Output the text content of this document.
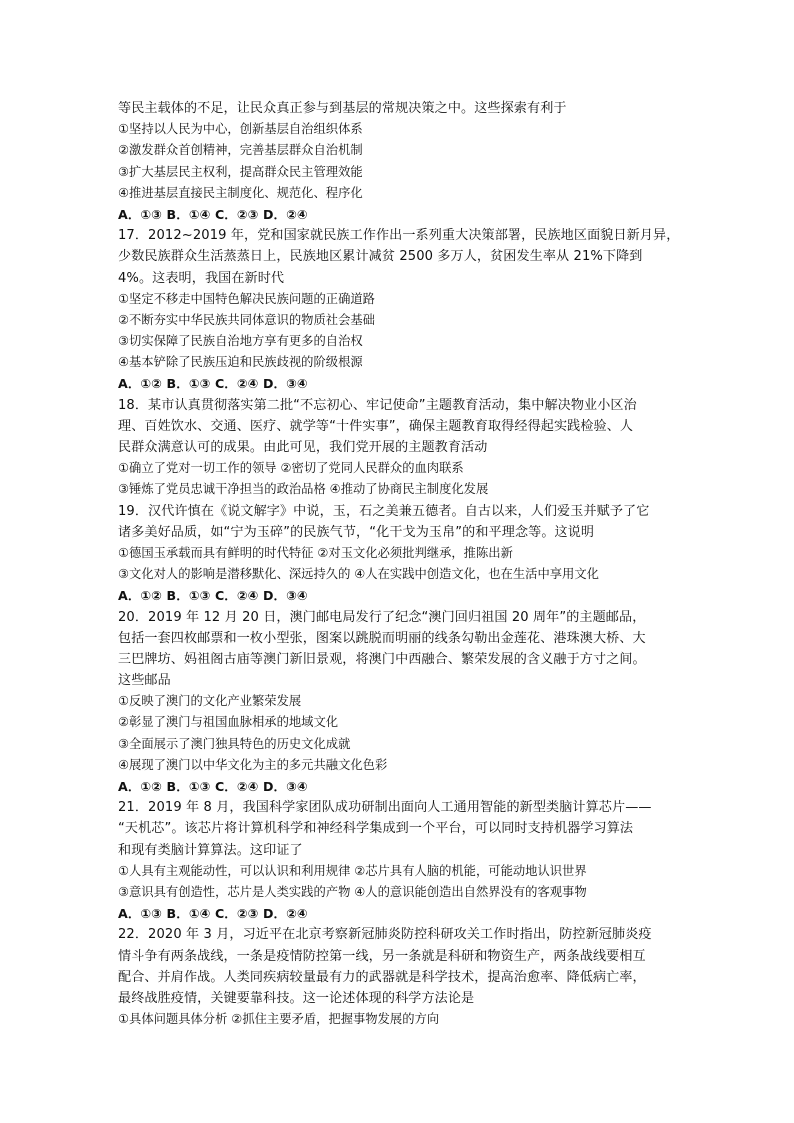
等民主载体的不足，让民众真正参与到基层的常规决策之中。这些探索有利于
①坚持以人民为中心，创新基层自治组织体系
②激发群众首创精神，完善基层群众自治机制
③扩大基层民主权利，提高群众民主管理效能
④推进基层直接民主制度化、规范化、程序化
A．①③ B．①④ C．②③ D．②④
17．2012~2019 年，党和国家就民族工作作出一系列重大决策部署，民族地区面貌日新月异，
少数民族群众生活蒸蒸日上，民族地区累计减贫 2500 多万人，贫困发生率从 21%下降到
4%。这表明，我国在新时代
①坚定不移走中国特色解决民族问题的正确道路
②不断夯实中华民族共同体意识的物质社会基础
③切实保障了民族自治地方享有更多的自治权
④基本铲除了民族压迫和民族歧视的阶级根源
A．①② B．①③ C．②④ D．③④
18．某市认真贯彻落实第二批“不忘初心、牢记使命”主题教育活动，集中解决物业小区治
理、百姓饮水、交通、医疗、就学等“十件实事”，确保主题教育取得经得起实践检验、人
民群众满意认可的成果。由此可见，我们党开展的主题教育活动
①确立了党对一切工作的领导 ②密切了党同人民群众的血肉联系
③锤炼了党员忠诚干净担当的政治品格 ④推动了协商民主制度化发展
19．汉代许慎在《说文解字》中说，玉，石之美兼五德者。自古以来，人们爱玉并赋予了它
诸多美好品质，如“宁为玉碎”的民族气节，“化干戈为玉帛”的和平理念等。这说明
①德国玉承载而具有鲜明的时代特征 ②对玉文化必须批判继承，推陈出新
③文化对人的影响是潜移默化、深远持久的 ④人在实践中创造文化，也在生活中享用文化
A．①② B．①③ C．②④ D．③④
20．2019 年 12 月 20 日，澳门邮电局发行了纪念“澳门回归祖国 20 周年”的主题邮品，
包括一套四枚邮票和一枚小型张，图案以跳脱而明丽的线条勾勒出金莲花、港珠澳大桥、大
三巴牌坊、妈祖阁古庙等澳门新旧景观，将澳门中西融合、繁荣发展的含义融于方寸之间。
这些邮品
①反映了澳门的文化产业繁荣发展
②彰显了澳门与祖国血脉相承的地域文化
③全面展示了澳门独具特色的历史文化成就
④展现了澳门以中华文化为主的多元共融文化色彩
A．①② B．①③ C．②④ D．③④
21．2019 年 8 月，我国科学家团队成功研制出面向人工通用智能的新型类脑计算芯片——
“天机芯”。该芯片将计算机科学和神经科学集成到一个平台，可以同时支持机器学习算法
和现有类脑计算算法。这印证了
①人具有主观能动性，可以认识和利用规律 ②芯片具有人脑的机能，可能动地认识世界
③意识具有创造性，芯片是人类实践的产物 ④人的意识能创造出自然界没有的客观事物
A．①③ B．①④ C．②③ D．②④
22．2020 年 3 月，习近平在北京考察新冠肺炎防控科研攻关工作时指出，防控新冠肺炎疫
情斗争有两条战线，一条是疫情防控第一线，另一条就是科研和物资生产，两条战线要相互
配合、并肩作战。人类同疾病较量最有力的武器就是科学技术，提高治愈率、降低病亡率，
最终战胜疫情，关键要靠科技。这一论述体现的科学方法论是
①具体问题具体分析 ②抓住主要矛盾，把握事物发展的方向
